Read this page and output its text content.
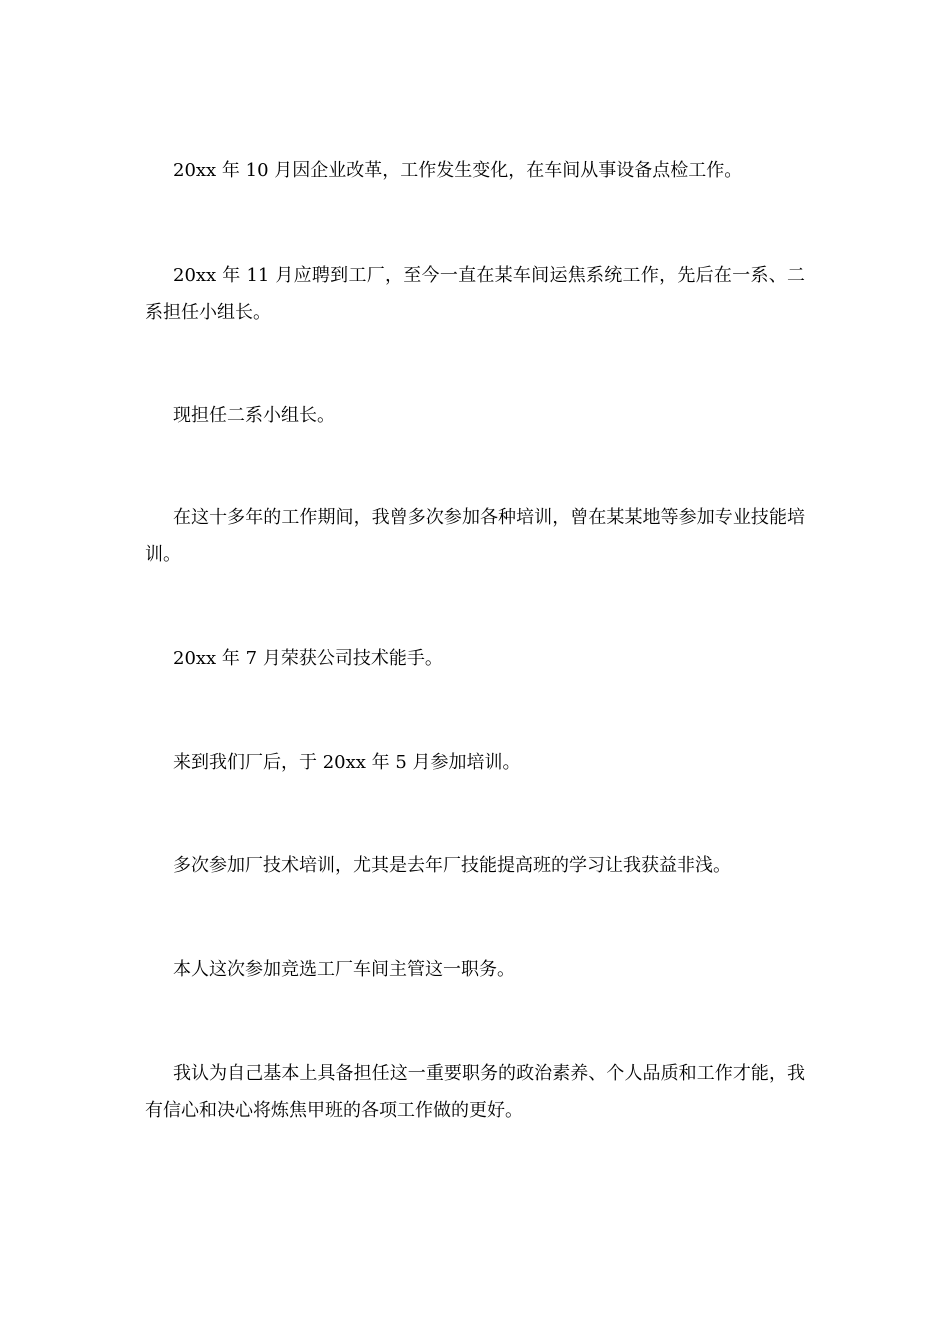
20xx 年 10 月因企业改革，工作发生变化，在车间从事设备点检工作。

20xx 年 11 月应聘到工厂，至今一直在某车间运焦系统工作，先后在一系、二系担任小组长。

现担任二系小组长。

在这十多年的工作期间，我曾多次参加各种培训，曾在某某地等参加专业技能培训。

20xx 年 7 月荣获公司技术能手。

来到我们厂后，于 20xx 年 5 月参加培训。

多次参加厂技术培训，尤其是去年厂技能提高班的学习让我获益非浅。

本人这次参加竞选工厂车间主管这一职务。

我认为自己基本上具备担任这一重要职务的政治素养、个人品质和工作才能，我有信心和决心将炼焦甲班的各项工作做的更好。
